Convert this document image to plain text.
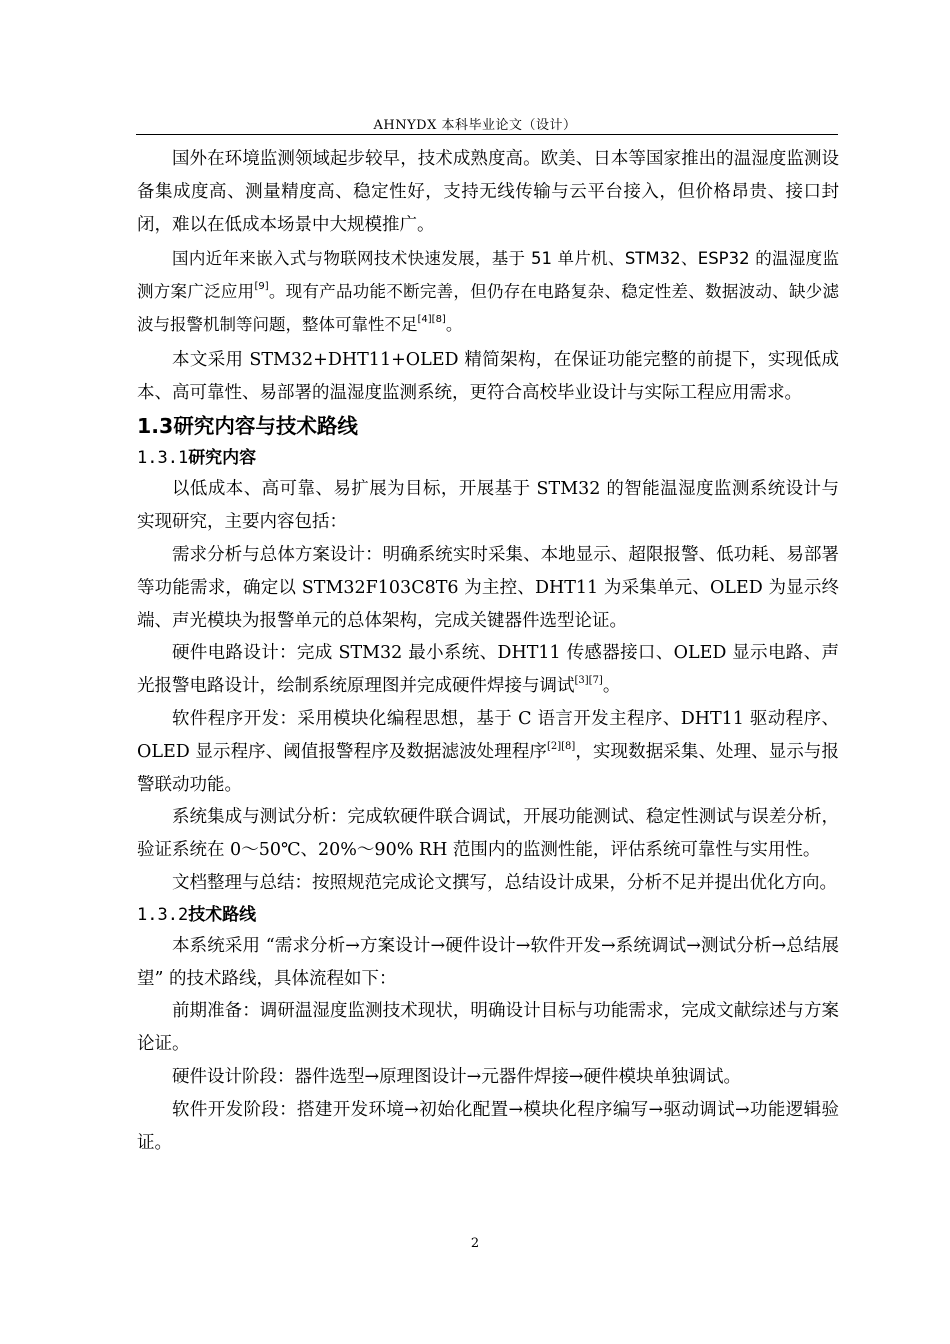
AHNYDX 本科毕业论文（设计）

国外在环境监测领域起步较早，技术成熟度高。欧美、日本等国家推出的温湿度监测设备集成度高、测量精度高、稳定性好，支持无线传输与云平台接入，但价格昂贵、接口封闭，难以在低成本场景中大规模推广。

国内近年来嵌入式与物联网技术快速发展，基于 51 单片机、STM32、ESP32 的温湿度监测方案广泛应用[9]。现有产品功能不断完善，但仍存在电路复杂、稳定性差、数据波动、缺少滤波与报警机制等问题，整体可靠性不足[4][8]。

本文采用 STM32+DHT11+OLED 精简架构，在保证功能完整的前提下，实现低成本、高可靠性、易部署的温湿度监测系统，更符合高校毕业设计与实际工程应用需求。

1.3研究内容与技术路线
1.3.1研究内容

以低成本、高可靠、易扩展为目标，开展基于 STM32 的智能温湿度监测系统设计与实现研究，主要内容包括：

需求分析与总体方案设计：明确系统实时采集、本地显示、超限报警、低功耗、易部署等功能需求，确定以 STM32F103C8T6 为主控、DHT11 为采集单元、OLED 为显示终端、声光模块为报警单元的总体架构，完成关键器件选型论证。

硬件电路设计：完成 STM32 最小系统、DHT11 传感器接口、OLED 显示电路、声光报警电路设计，绘制系统原理图并完成硬件焊接与调试[3][7]。

软件程序开发：采用模块化编程思想，基于 C 语言开发主程序、DHT11 驱动程序、OLED 显示程序、阈值报警程序及数据滤波处理程序[2][8]，实现数据采集、处理、显示与报警联动功能。

系统集成与测试分析：完成软硬件联合调试，开展功能测试、稳定性测试与误差分析，验证系统在 0～50℃、20%～90% RH 范围内的监测性能，评估系统可靠性与实用性。

文档整理与总结：按照规范完成论文撰写，总结设计成果，分析不足并提出优化方向。

1.3.2技术路线

本系统采用 “需求分析→方案设计→硬件设计→软件开发→系统调试→测试分析→总结展望” 的技术路线，具体流程如下：

前期准备：调研温湿度监测技术现状，明确设计目标与功能需求，完成文献综述与方案论证。

硬件设计阶段：器件选型→原理图设计→元器件焊接→硬件模块单独调试。

软件开发阶段：搭建开发环境→初始化配置→模块化程序编写→驱动调试→功能逻辑验证。

2
